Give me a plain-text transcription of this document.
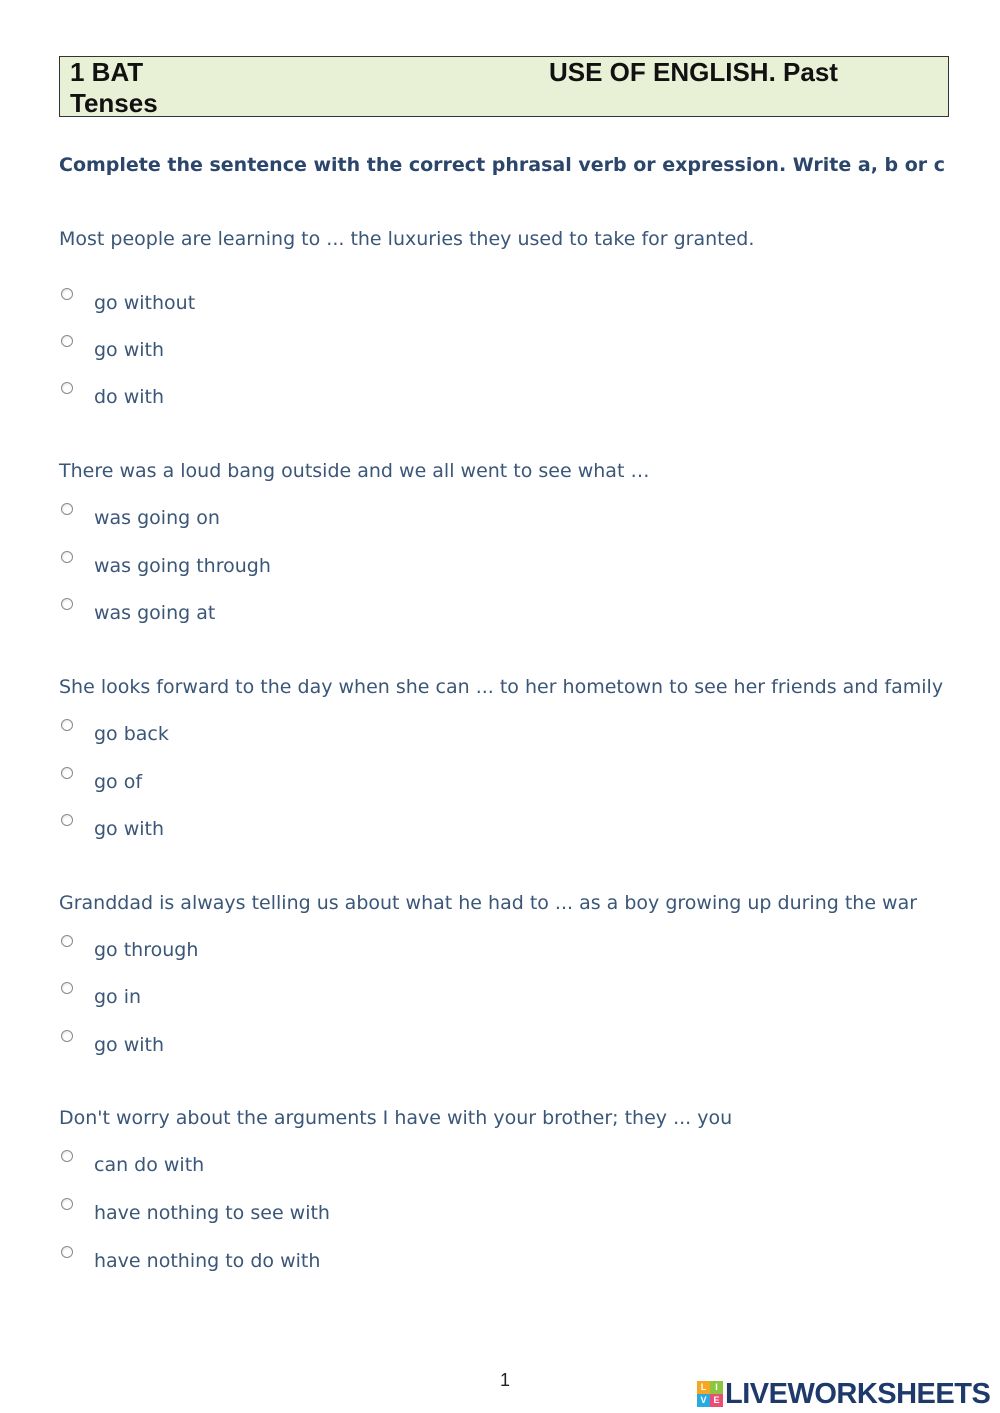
1 BAT
Tenses
USE OF ENGLISH. Past
Complete the sentence with the correct phrasal verb or expression. Write a, b or c
Most people are learning to ... the luxuries they used to take for granted.
go without
go with
do with
There was a loud bang outside and we all went to see what …
was going on
was going through
was going at
She looks forward to the day when she can ... to her hometown to see her friends and family
go back
go of
go with
Granddad is always telling us about what he had to ... as a boy growing up during the war
go through
go in
go with
Don't worry about the arguments I have with your brother; they ... you
can do with
have nothing to see with
have nothing to do with
1	L I
V E LIVEWORKSHEETS
